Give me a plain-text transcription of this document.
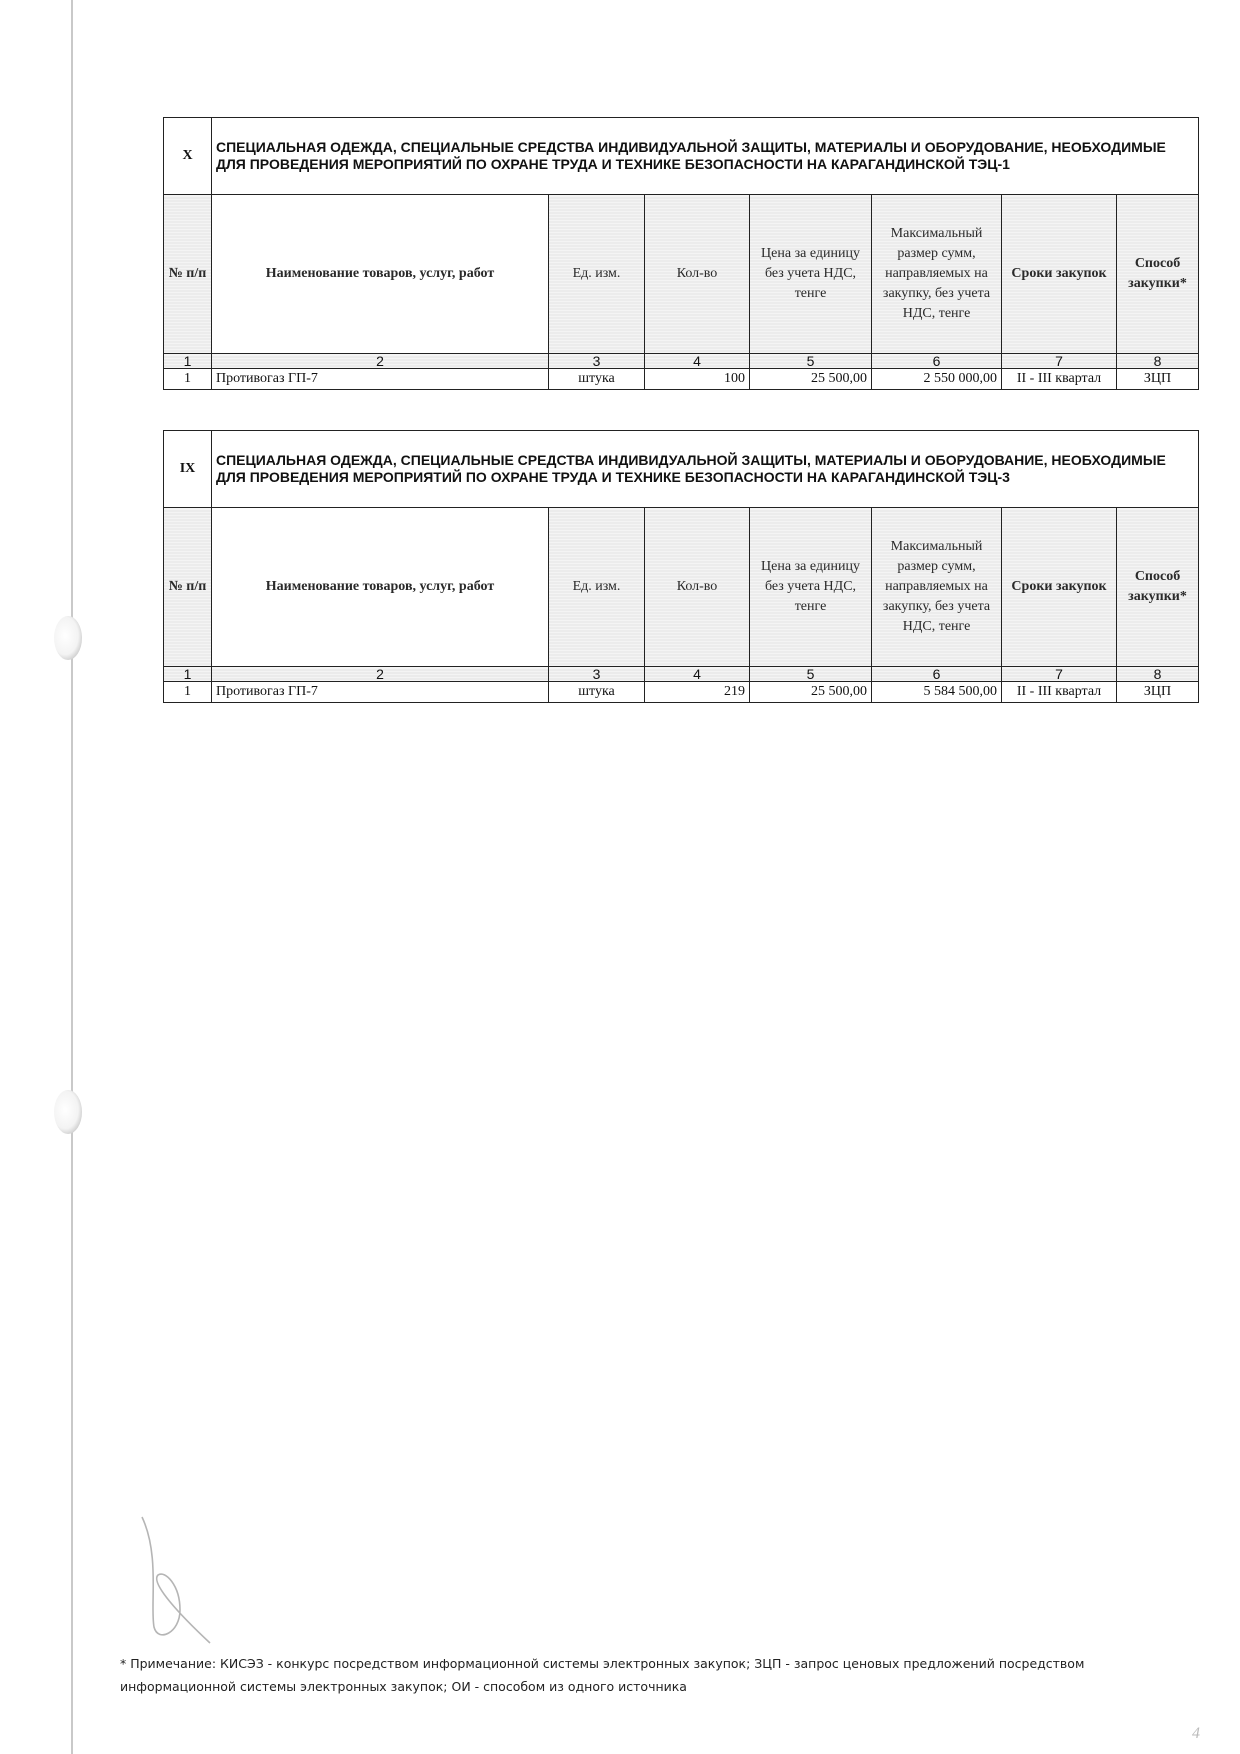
X	СПЕЦИАЛЬНАЯ ОДЕЖДА, СПЕЦИАЛЬНЫЕ СРЕДСТВА ИНДИВИДУАЛЬНОЙ ЗАЩИТЫ, МАТЕРИАЛЫ И ОБОРУДОВАНИЕ, НЕОБХОДИМЫЕ ДЛЯ ПРОВЕДЕНИЯ МЕРОПРИЯТИЙ ПО ОХРАНЕ ТРУДА И ТЕХНИКЕ БЕЗОПАСНОСТИ НА КАРАГАНДИНСКОЙ ТЭЦ-1						
№ п/п	Наименование товаров, услуг, работ	Ед. изм.	Кол-во	Цена за единицу без учета НДС, тенге	Максимальный размер сумм, направляемых на закупку, без учета НДС, тенге	Сроки закупок	Способ закупки*
1	2	3	4	5	6	7	8
1	Противогаз ГП-7	штука	100	25 500,00	2 550 000,00	II - III квартал	ЗЦП
IX	СПЕЦИАЛЬНАЯ ОДЕЖДА, СПЕЦИАЛЬНЫЕ СРЕДСТВА ИНДИВИДУАЛЬНОЙ ЗАЩИТЫ, МАТЕРИАЛЫ И ОБОРУДОВАНИЕ, НЕОБХОДИМЫЕ ДЛЯ ПРОВЕДЕНИЯ МЕРОПРИЯТИЙ ПО ОХРАНЕ ТРУДА И ТЕХНИКЕ БЕЗОПАСНОСТИ НА КАРАГАНДИНСКОЙ ТЭЦ-3						
№ п/п	Наименование товаров, услуг, работ	Ед. изм.	Кол-во	Цена за единицу без учета НДС, тенге	Максимальный размер сумм, направляемых на закупку, без учета НДС, тенге	Сроки закупок	Способ закупки*
1	2	3	4	5	6	7	8
1	Противогаз ГП-7	штука	219	25 500,00	5 584 500,00	II - III квартал	ЗЦП
* Примечание: КИСЭЗ - конкурс посредством информационной системы электронных закупок; ЗЦП - запрос ценовых предложений посредством информационной системы электронных закупок; ОИ - способом из одного источника
4
